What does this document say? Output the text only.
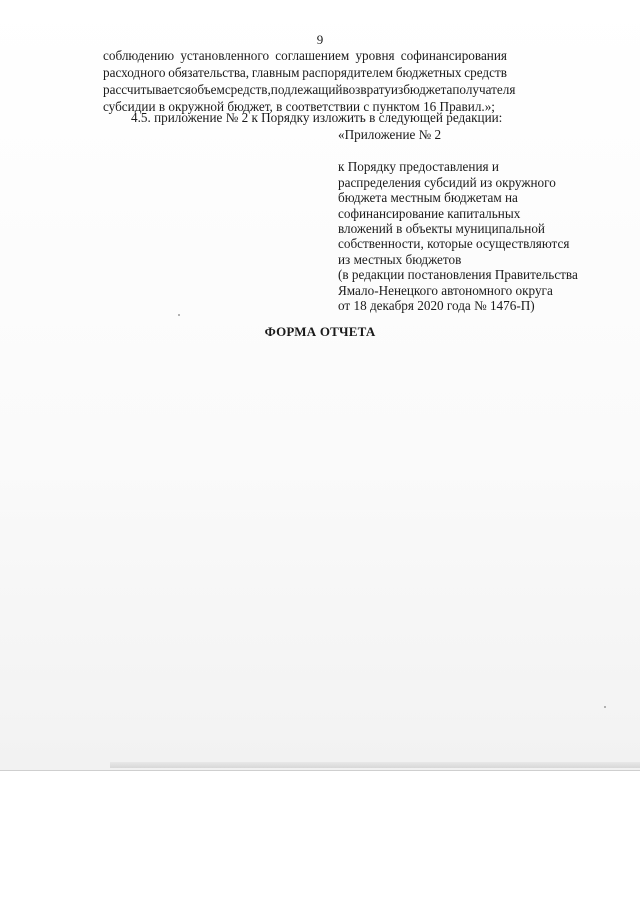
9
соблюдению установленного соглашением уровня софинансирования
расходного обязательства, главным распорядителем бюджетных средств
рассчитывается объем средств, подлежащий возврату из бюджета получателя
субсидии в окружной бюджет, в соответствии с пунктом 16 Правил.»;
4.5. приложение № 2 к Порядку изложить в следующей редакции:
«Приложение № 2
к Порядку предоставления и
распределения субсидий из окружного
бюджета местным бюджетам на
софинансирование капитальных
вложений в объекты муниципальной
собственности, которые осуществляются
из местных бюджетов
(в редакции постановления Правительства
Ямало-Ненецкого автономного округа
от 18 декабря 2020 года № 1476-П)
ФОРМА ОТЧЕТА
